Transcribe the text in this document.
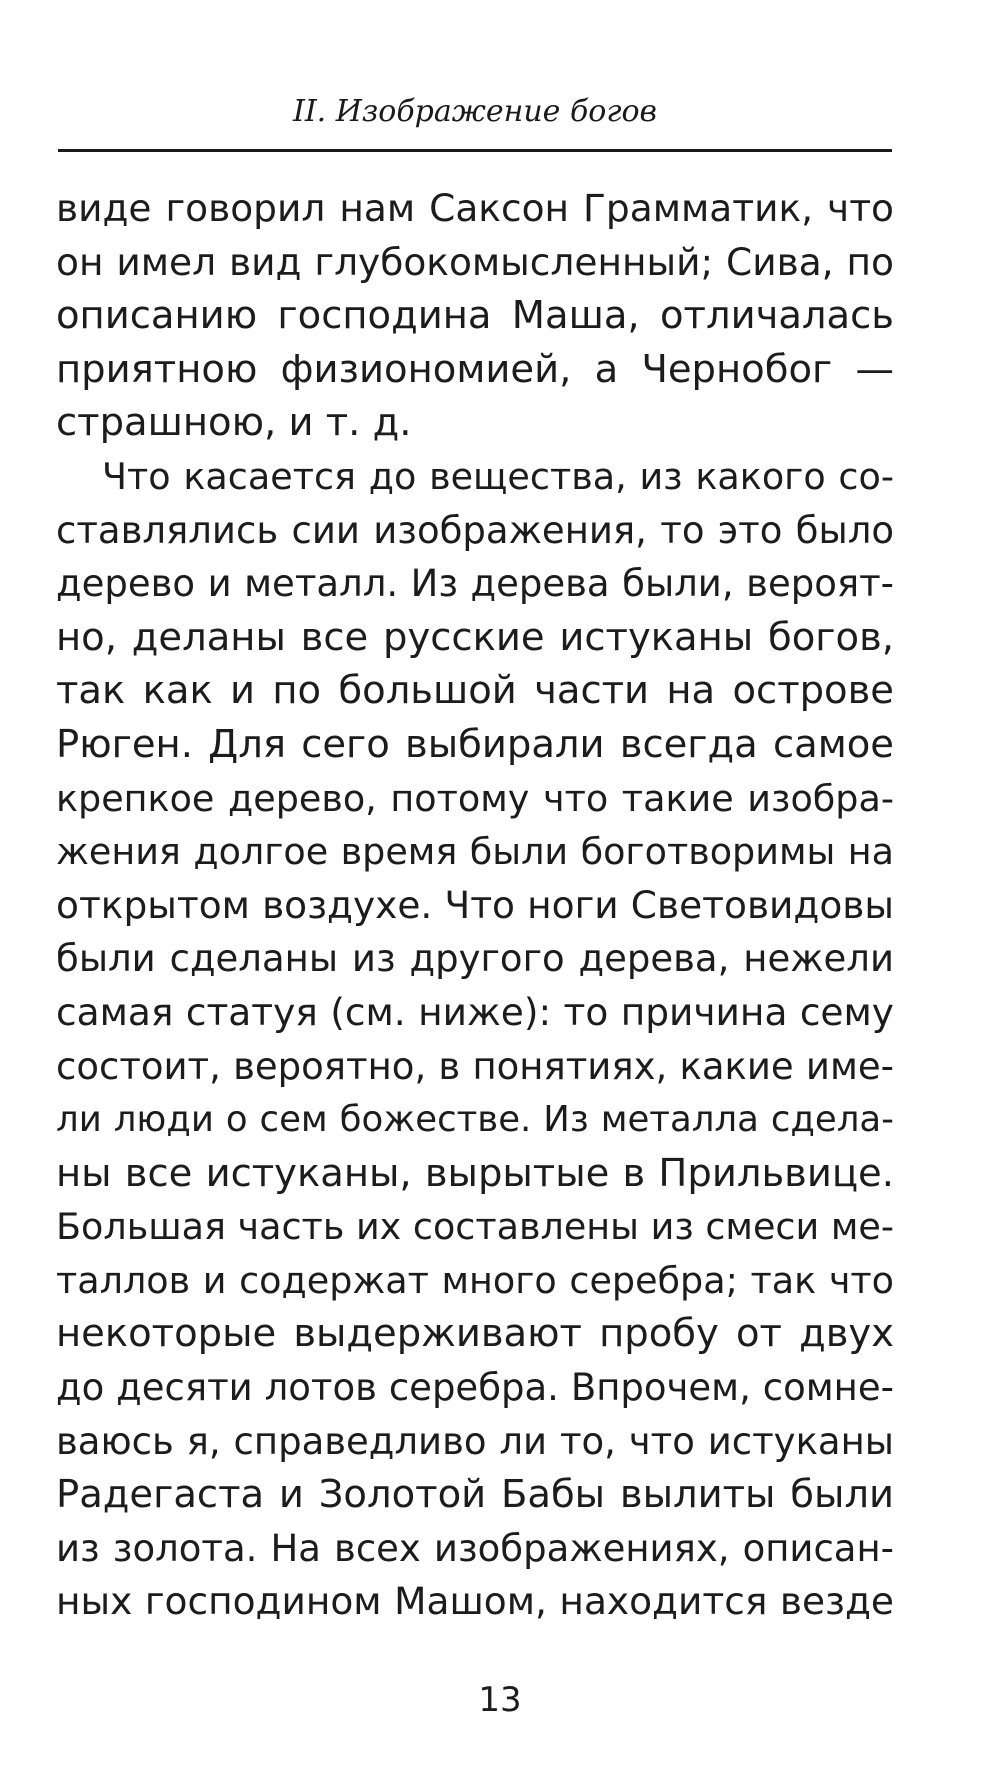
II. Изображение богов
виде говорил нам Саксон Грамматик, что
он имел вид глубокомысленный; Сива, по
описанию господина Маша, отличалась
приятною физиономией, а Чернобог —
страшною, и т. д.
Что касается до вещества, из какого со-
ставлялись сии изображения, то это было
дерево и металл. Из дерева были, вероят-
но, деланы все русские истуканы богов,
так как и по большой части на острове
Рюген. Для сего выбирали всегда самое
крепкое дерево, потому что такие изобра-
жения долгое время были боготворимы на
открытом воздухе. Что ноги Световидовы
были сделаны из другого дерева, нежели
самая статуя (см. ниже): то причина сему
состоит, вероятно, в понятиях, какие име-
ли люди о сем божестве. Из металла сдела-
ны все истуканы, вырытые в Прильвице.
Большая часть их составлены из смеси ме-
таллов и содержат много серебра; так что
некоторые выдерживают пробу от двух
до десяти лотов серебра. Впрочем, сомне-
ваюсь я, справедливо ли то, что истуканы
Радегаста и Золотой Бабы вылиты были
из золота. На всех изображениях, описан-
ных господином Машом, находится везде
13
